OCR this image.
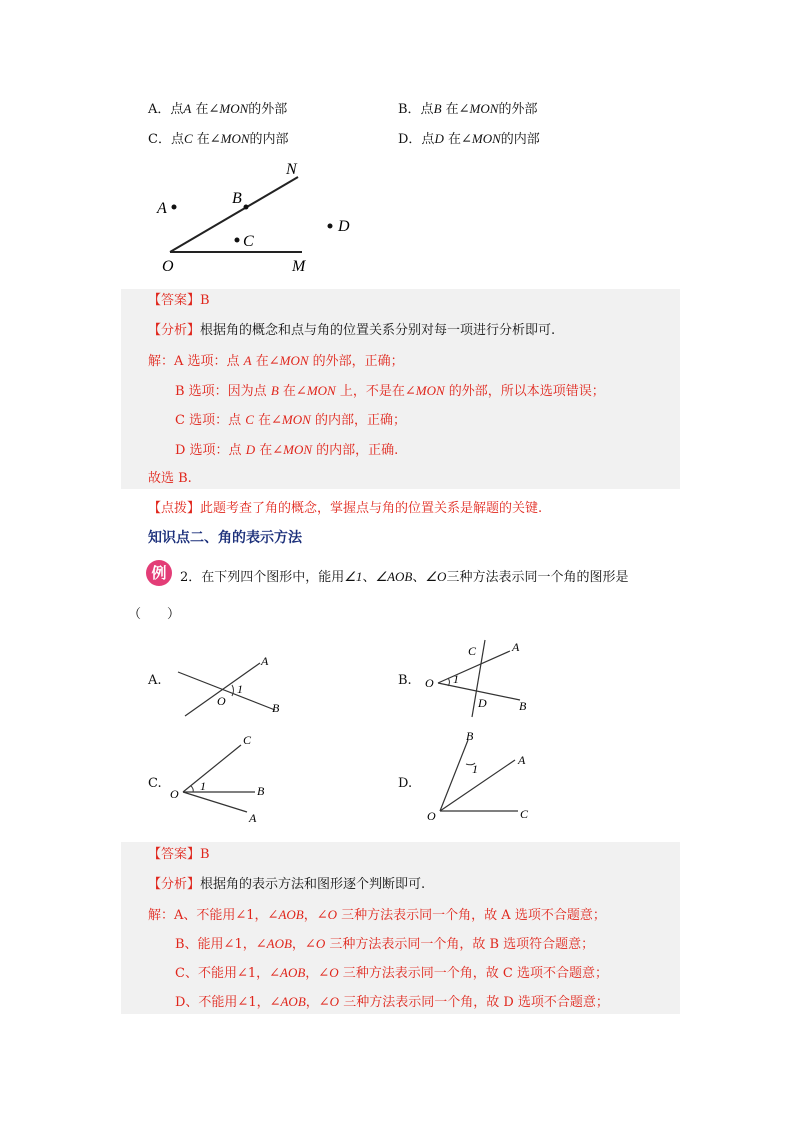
A．点A 在∠MON的外部	B．点B 在∠MON的外部
C．点C 在∠MON的内部	D．点D 在∠MON的内部
N
A
B
C
D
O	M
【答案】B
【分析】根据角的概念和点与角的位置关系分别对每一项进行分析即可.
解：A 选项：点 A 在∠MON 的外部，正确；
B 选项：因为点 B 在∠MON 上，不是在∠MON 的外部，所以本选项错误；
C 选项：点 C 在∠MON 的内部，正确；
D 选项：点 D 在∠MON 的内部，正确.
故选 B.
【点拨】此题考查了角的概念，掌握点与角的位置关系是解题的关键.
知识点二、角的表示方法
例	2．在下列四个图形中，能用∠1、∠AOB、∠O三种方法表示同一个角的图形是
（　　）
A.
A
1
O	B
B.
C	A
O 1
D	B
C.
C
O
1	B
A
D.
B
1
A
O	C
【答案】B
【分析】根据角的表示方法和图形逐个判断即可.
解：A、不能用∠1，∠AOB，∠O 三种方法表示同一个角，故 A 选项不合题意；
B、能用∠1，∠AOB，∠O 三种方法表示同一个角，故 B 选项符合题意；
C、不能用∠1，∠AOB，∠O 三种方法表示同一个角，故 C 选项不合题意；
D、不能用∠1，∠AOB，∠O 三种方法表示同一个角，故 D 选项不合题意；
